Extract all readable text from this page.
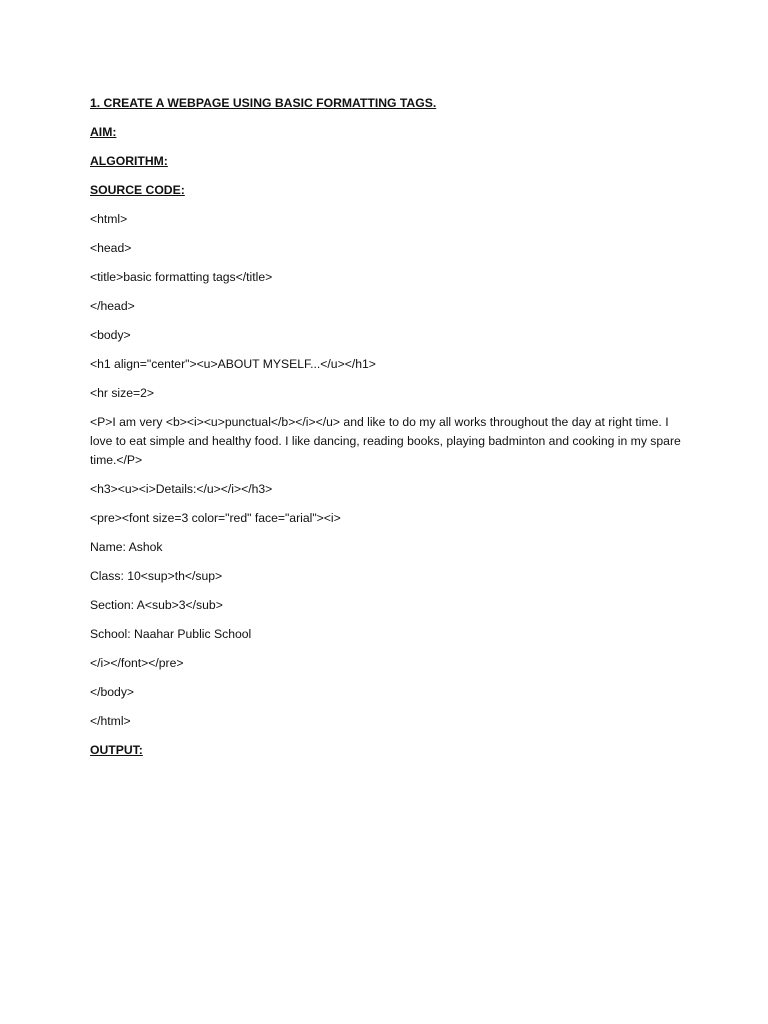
1. CREATE A WEBPAGE USING BASIC FORMATTING TAGS.
AIM:
ALGORITHM:
SOURCE CODE:
<html>
<head>
<title>basic formatting tags</title>
</head>
<body>
<h1 align="center"><u>ABOUT MYSELF...</u></h1>
<hr size=2>
<P>I am very <b><i><u>punctual</b></i></u> and like to do my all works throughout the day at right time. I love to eat simple and healthy food. I like dancing, reading books, playing badminton and cooking in my spare time.</P>
<h3><u><i>Details:</u></i></h3>
<pre><font size=3 color="red" face="arial"><i>
Name: Ashok
Class: 10<sup>th</sup>
Section: A<sub>3</sub>
School: Naahar Public School
</i></font></pre>
</body>
</html>
OUTPUT:
